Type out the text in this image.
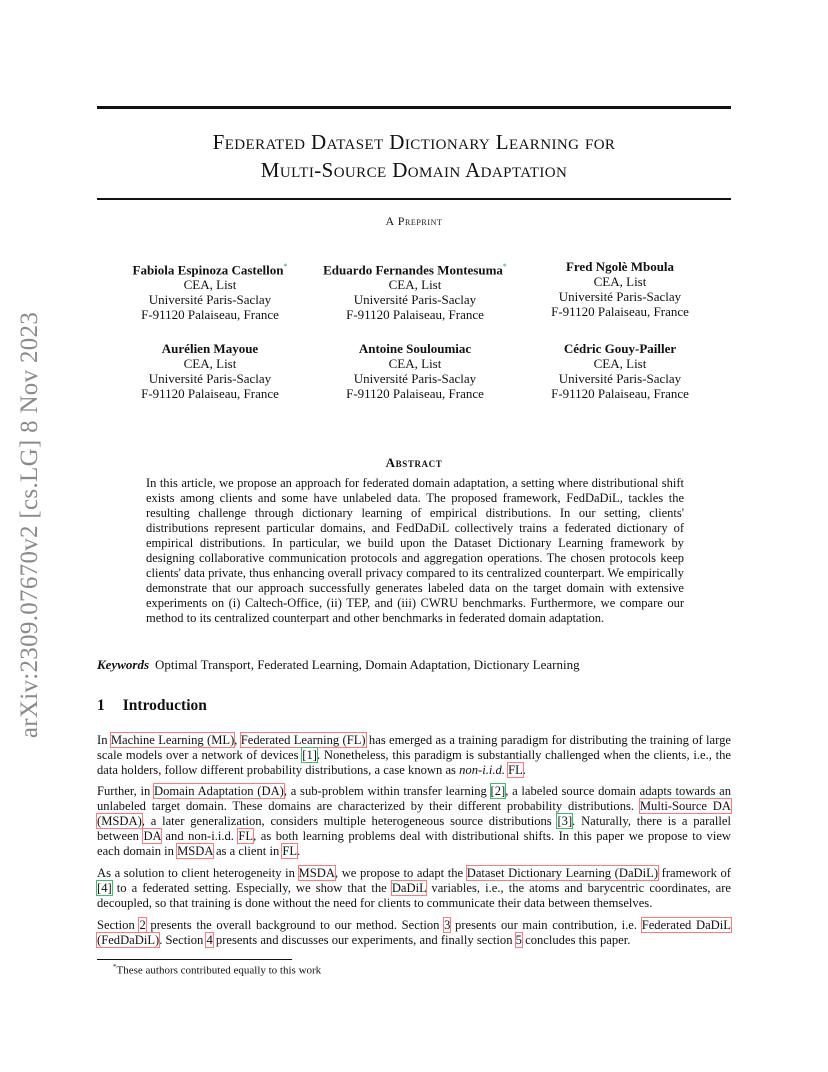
arXiv:2309.07670v2 [cs.LG] 8 Nov 2023
Federated Dataset Dictionary Learning for
Multi-Source Domain Adaptation
A Preprint
Fabiola Espinoza Castellon*
CEA, List
Université Paris-Saclay
F-91120 Palaiseau, France
Eduardo Fernandes Montesuma*
CEA, List
Université Paris-Saclay
F-91120 Palaiseau, France
Fred Ngolè Mboula
CEA, List
Université Paris-Saclay
F-91120 Palaiseau, France
Aurélien Mayoue
CEA, List
Université Paris-Saclay
F-91120 Palaiseau, France
Antoine Souloumiac
CEA, List
Université Paris-Saclay
F-91120 Palaiseau, France
Cédric Gouy-Pailler
CEA, List
Université Paris-Saclay
F-91120 Palaiseau, France
Abstract
In this article, we propose an approach for federated domain adaptation, a setting where distributional shift exists among clients and some have unlabeled data. The proposed framework, FedDaDiL, tackles the resulting challenge through dictionary learning of empirical distributions. In our setting, clients' distributions represent particular domains, and FedDaDiL collectively trains a federated dictionary of empirical distributions. In particular, we build upon the Dataset Dictionary Learning framework by designing collaborative communication protocols and aggregation operations. The chosen protocols keep clients' data private, thus enhancing overall privacy compared to its centralized counterpart. We empirically demonstrate that our approach successfully generates labeled data on the target domain with extensive experiments on (i) Caltech-Office, (ii) TEP, and (iii) CWRU benchmarks. Furthermore, we compare our method to its centralized counterpart and other benchmarks in federated domain adaptation.
Keywords Optimal Transport, Federated Learning, Domain Adaptation, Dictionary Learning
1 Introduction
In Machine Learning (ML), Federated Learning (FL) has emerged as a training paradigm for distributing the training of large scale models over a network of devices [1]. Nonetheless, this paradigm is substantially challenged when the clients, i.e., the data holders, follow different probability distributions, a case known as non-i.i.d. FL.
Further, in Domain Adaptation (DA), a sub-problem within transfer learning [2], a labeled source domain adapts towards an unlabeled target domain. These domains are characterized by their different probability distributions. Multi-Source DA (MSDA), a later generalization, considers multiple heterogeneous source distributions [3]. Naturally, there is a parallel between DA and non-i.i.d. FL, as both learning problems deal with distributional shifts. In this paper we propose to view each domain in MSDA as a client in FL.
As a solution to client heterogeneity in MSDA, we propose to adapt the Dataset Dictionary Learning (DaDiL) framework of [4] to a federated setting. Especially, we show that the DaDiL variables, i.e., the atoms and barycentric coordinates, are decoupled, so that training is done without the need for clients to communicate their data between themselves.
Section 2 presents the overall background to our method. Section 3 presents our main contribution, i.e. Federated DaDiL (FedDaDiL). Section 4 presents and discusses our experiments, and finally section 5 concludes this paper.
*These authors contributed equally to this work
